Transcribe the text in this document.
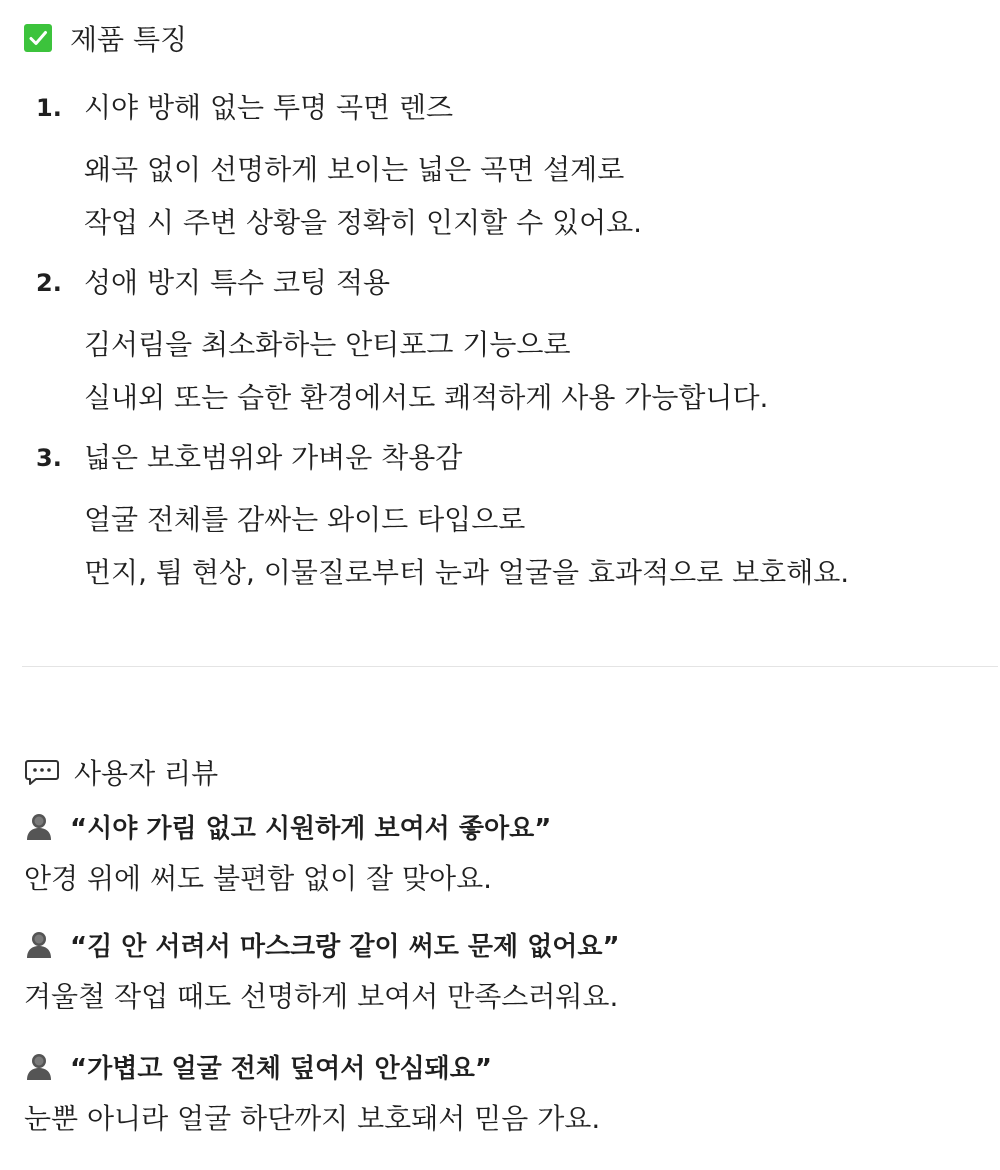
제품 특징
1. 시야 방해 없는 투명 곡면 렌즈
왜곡 없이 선명하게 보이는 넓은 곡면 설계로
작업 시 주변 상황을 정확히 인지할 수 있어요.
2. 성애 방지 특수 코팅 적용
김서림을 최소화하는 안티포그 기능으로
실내외 또는 습한 환경에서도 쾌적하게 사용 가능합니다.
3. 넓은 보호범위와 가벼운 착용감
얼굴 전체를 감싸는 와이드 타입으로
먼지, 튐 현상, 이물질로부터 눈과 얼굴을 효과적으로 보호해요.
사용자 리뷰
“시야 가림 없고 시원하게 보여서 좋아요”
안경 위에 써도 불편함 없이 잘 맞아요.
“김 안 서려서 마스크랑 같이 써도 문제 없어요”
겨울철 작업 때도 선명하게 보여서 만족스러워요.
“가볍고 얼굴 전체 덮여서 안심돼요”
눈뿐 아니라 얼굴 하단까지 보호돼서 믿음 가요.
